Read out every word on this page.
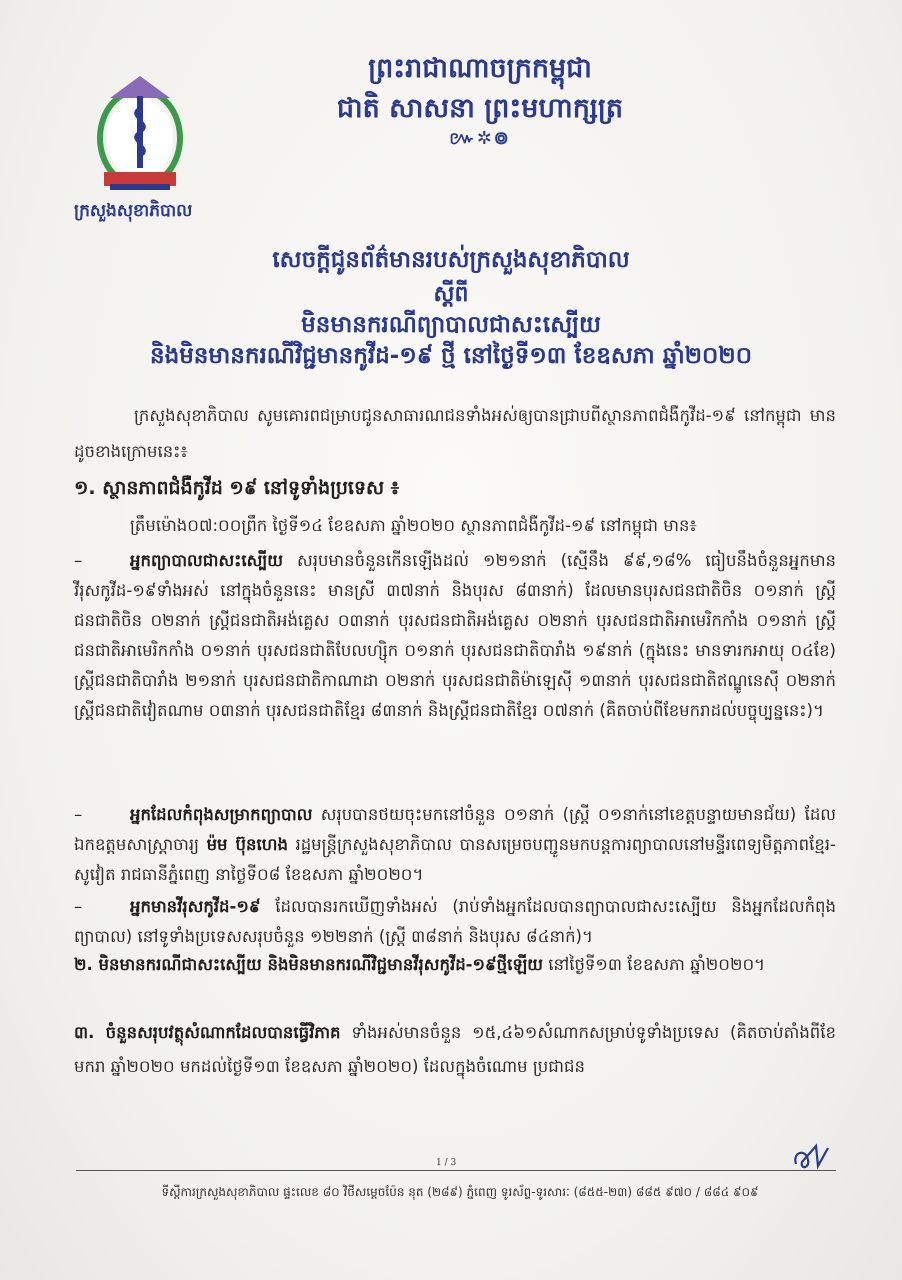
ព្រះរាជាណាចក្រកម្ពុជា
ជាតិ សាសនា ព្រះមហាក្សត្រ
៚✲៙
ក្រសួងសុខាភិបាល
សេចក្ដីជូនព័ត៌មានរបស់ក្រសួងសុខាភិបាល
ស្ដីពី
មិនមានករណីព្យាបាលជាសះស្បើយ
និងមិនមានករណីវិជ្ជមានកូវីដ-១៩ ថ្មី នៅថ្ងៃទី១៣ ខែឧសភា ឆ្នាំ២០២០
ក្រសួងសុខាភិបាល សូមគោរពជម្រាបជូនសាធារណជនទាំងអស់ឲ្យបានជ្រាបពីស្ថានភាពជំងឺកូវីដ-១៩ នៅកម្ពុជា មានដូចខាងក្រោមនេះ៖
១. ស្ថានភាពជំងឺកូវីដ ១៩ នៅទូទាំងប្រទេស ៖
ត្រឹមម៉ោង០៧:០០ព្រឹក ថ្ងៃទី១៤ ខែឧសភា ឆ្នាំ២០២០ ស្ថានភាពជំងឺកូវីដ-១៩ នៅកម្ពុជា មាន៖
–	អ្នកព្យាបាលជាសះស្បើយ សរុបមានចំនួនកើនឡើងដល់ ១២១នាក់ (ស្មើនឹង ៩៩,១៨% ធៀបនឹងចំនួនអ្នកមានវីរុសកូវីដ-១៩ទាំងអស់ នៅក្នុងចំនួននេះ មានស្រី ៣៧នាក់ និងបុរស ៨៣នាក់) ដែលមានបុរសជនជាតិចិន ០១នាក់ ស្ត្រីជនជាតិចិន ០២នាក់ ស្ត្រីជនជាតិអង់គ្លេស ០៣នាក់ បុរសជនជាតិអង់គ្លេស ០២នាក់ បុរសជនជាតិអាមេរិកកាំង ០១នាក់ ស្ត្រីជនជាតិអាមេរិកកាំង ០១នាក់ បុរសជនជាតិបែលហ្ស៊ិក ០១នាក់ បុរសជនជាតិបារាំង ១៩នាក់ (ក្នុងនេះ មានទារកអាយុ ០៤ខែ) ស្ត្រីជនជាតិបារាំង ២១នាក់ បុរសជនជាតិកាណាដា ០២នាក់ បុរសជនជាតិម៉ាឡេស៊ី ១៣នាក់ បុរសជនជាតិឥណ្ឌូនេស៊ី ០២នាក់ ស្ត្រីជនជាតិវៀតណាម ០៣នាក់ បុរសជនជាតិខ្មែរ ៨៣នាក់ និងស្ត្រីជនជាតិខ្មែរ ០៧នាក់ (គិតចាប់ពីខែមករាដល់បច្ចុប្បន្ននេះ)។
–	អ្នកដែលកំពុងសម្រាកព្យាបាល សរុបបានថយចុះមកនៅចំនួន ០១នាក់ (ស្ត្រី ០១នាក់នៅខេត្តបន្ទាយមានជ័យ) ដែលឯកឧត្ដមសាស្ត្រាចារ្យ ម៉ម ប៊ុនហេង រដ្ឋមន្ត្រីក្រសួងសុខាភិបាល បានសម្រេចបញ្ជូនមកបន្តការព្យាបាលនៅមន្ទីរពេទ្យមិត្តភាពខ្មែរ-សូវៀត រាជធានីភ្នំពេញ នាថ្ងៃទី០៨ ខែឧសភា ឆ្នាំ២០២០។
–	អ្នកមានវីរុសកូវីដ-១៩ ដែលបានរកឃើញទាំងអស់ (រាប់ទាំងអ្នកដែលបានព្យាបាលជាសះស្បើយ និងអ្នកដែលកំពុងព្យាបាល) នៅទូទាំងប្រទេសសរុបចំនួន ១២២នាក់ (ស្ត្រី ៣៨នាក់ និងបុរស ៨៤នាក់)។
២. មិនមានករណីជាសះស្បើយ និងមិនមានករណីវិជ្ជមានវីរុសកូវីដ-១៩ថ្មីឡើយ នៅថ្ងៃទី១៣ ខែឧសភា ឆ្នាំ២០២០។
៣. ចំនួនសរុបវត្ថុសំណាកដែលបានធ្វើវិភាគ ទាំងអស់មានចំនួន ១៥,៤៦១សំណាកសម្រាប់ទូទាំងប្រទេស (គិតចាប់តាំងពីខែមករា ឆ្នាំ២០២០ មកដល់ថ្ងៃទី១៣ ខែឧសភា ឆ្នាំ២០២០) ដែលក្នុងចំណោម ប្រជាជន
1 / 3
ទីស្តីការក្រសួងសុខាភិបាល ផ្ទះលេខ ៨០ វិថីសម្ដេចប៉ែន នុត (២៨៩) ភ្នំពេញ ទូរស័ព្ទ-ទូរសារៈ (៨៥៥-២៣) ៨៨៥ ៩៧០ / ៨៨៤ ៩០៩
